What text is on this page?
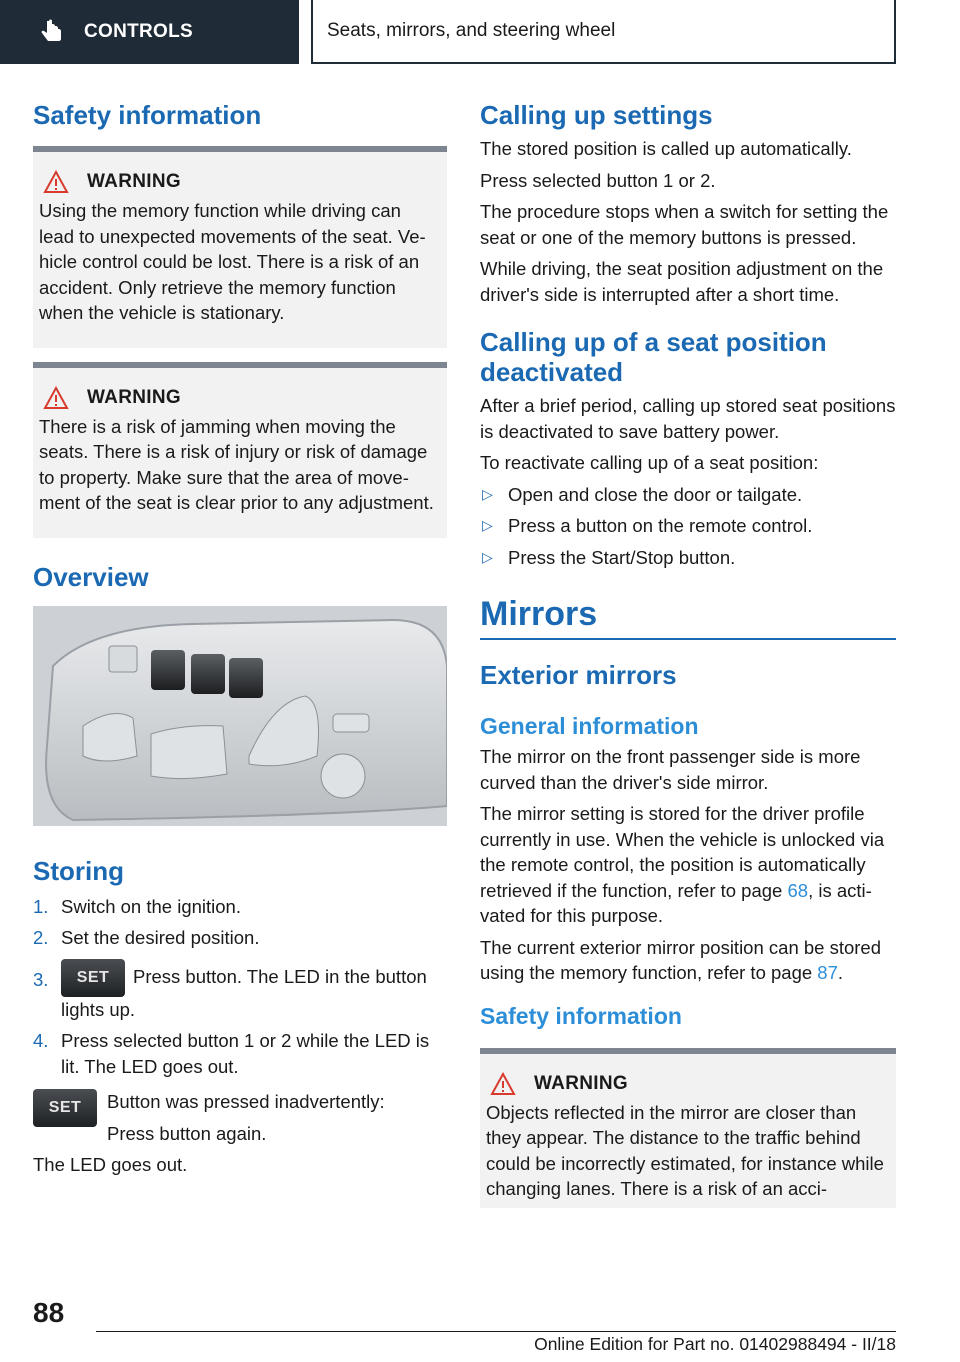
CONTROLS	Seats, mirrors, and steering wheel
Safety information
WARNING

Using the memory function while driving can lead to unexpected movements of the seat. Vehicle control could be lost. There is a risk of an accident. Only retrieve the memory function when the vehicle is stationary.

WARNING

There is a risk of jamming when moving the seats. There is a risk of injury or risk of damage to property. Make sure that the area of movement of the seat is clear prior to any adjustment.

Overview
Storing
1. Switch on the ignition.
2. Set the desired position.
3.	SET Press button. The LED in the button lights up.
4. Press selected button 1 or 2 while the LED is lit. The LED goes out.
SET	Button was pressed inadvertently:

Press button again.

The LED goes out.

Calling up settings

The stored position is called up automatically.

Press selected button 1 or 2.

The procedure stops when a switch for setting the seat or one of the memory buttons is pressed.

While driving, the seat position adjustment on the driver's side is interrupted after a short time.

Calling up of a seat position deactivated

After a brief period, calling up stored seat positions is deactivated to save battery power.

To reactivate calling up of a seat position:

▷ Open and close the door or tailgate.
▷ Press a button on the remote control.
▷ Press the Start/Stop button.
Mirrors
Exterior mirrors
General information

The mirror on the front passenger side is more curved than the driver's side mirror.

The mirror setting is stored for the driver profile currently in use. When the vehicle is unlocked via the remote control, the position is automatically retrieved if the function, refer to page 68, is activated for this purpose.

The current exterior mirror position can be stored using the memory function, refer to page 87.

Safety information
WARNING

Objects reflected in the mirror are closer than they appear. The distance to the traffic behind could be incorrectly estimated, for instance while changing lanes. There is a risk of an acci-

88
Online Edition for Part no. 01402988494 - II/18
